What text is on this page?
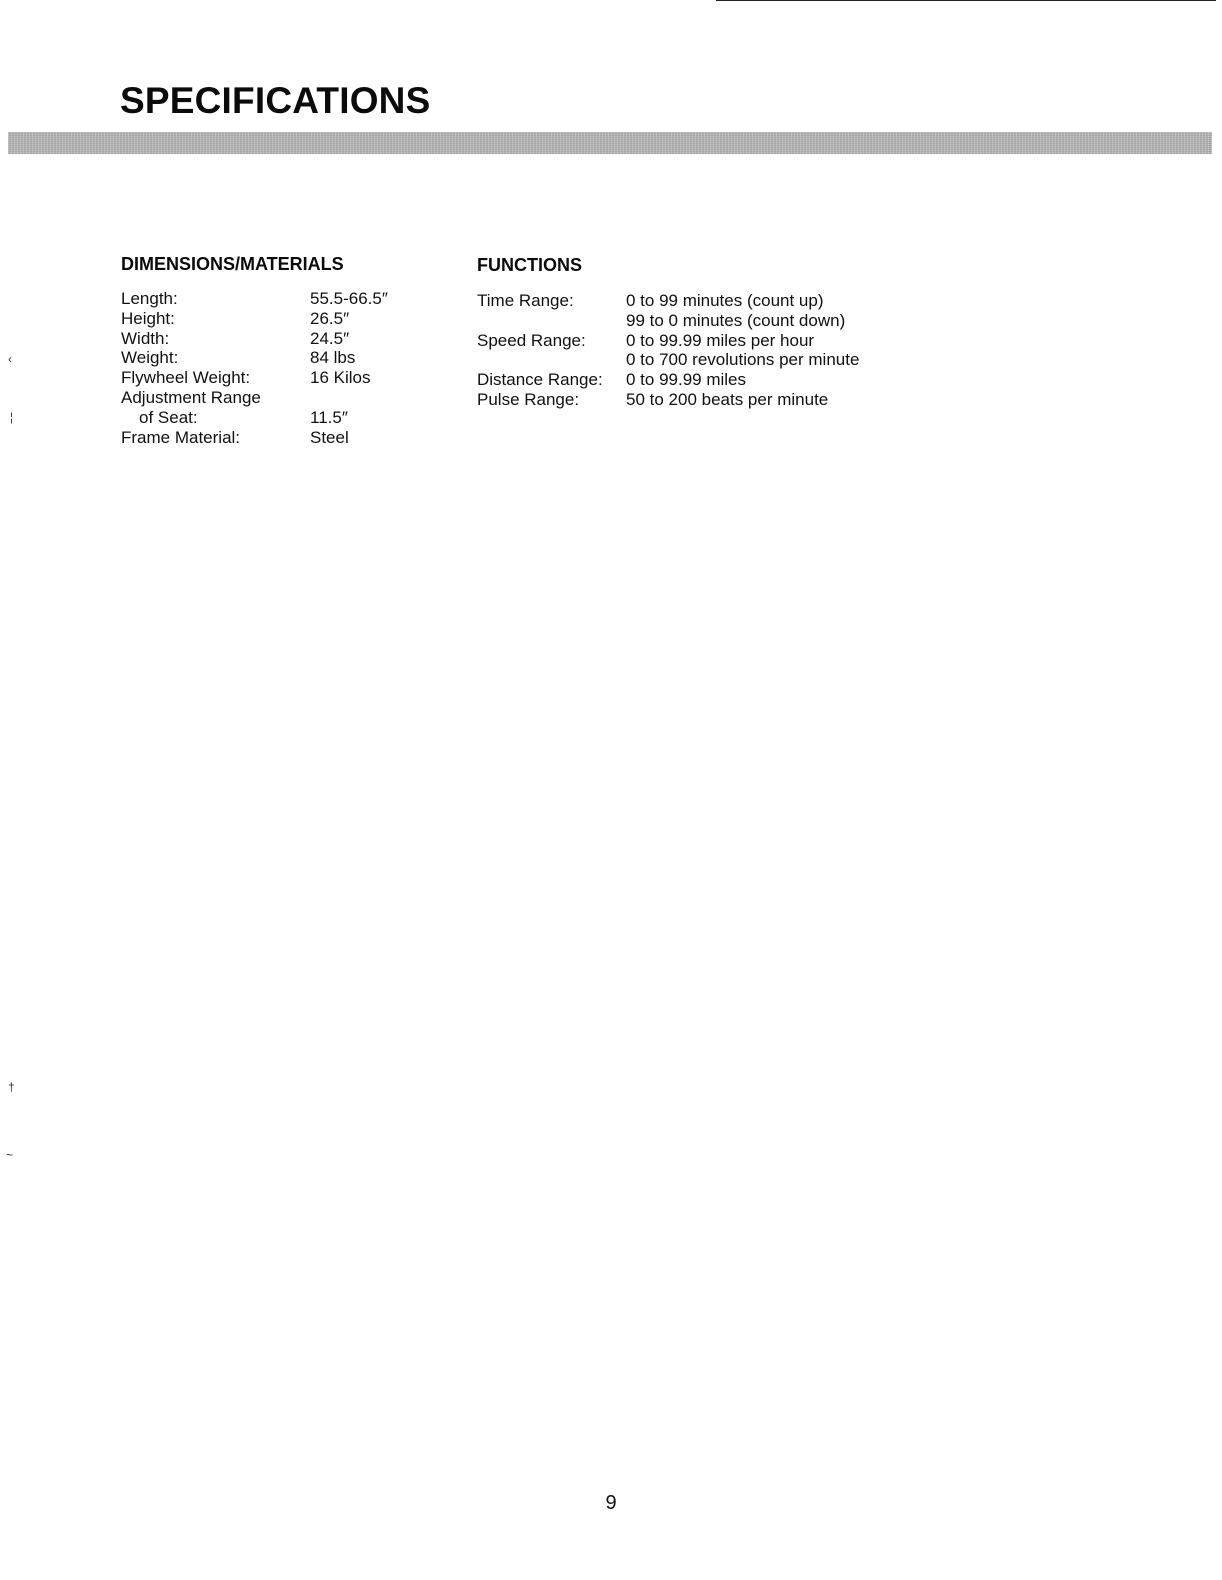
SPECIFICATIONS
DIMENSIONS/MATERIALS
Length:
Height:
Width:
Weight:
Flywheel Weight:
Adjustment Range
of Seat:
Frame Material:
55.5-66.5″
26.5″
24.5″
84 lbs
16 Kilos
11.5″
Steel
FUNCTIONS
Time Range:
Speed Range:
Distance Range:
Pulse Range:
0 to 99 minutes (count up)
99 to 0 minutes (count down)
0 to 99.99 miles per hour
0 to 700 revolutions per minute
0 to 99.99 miles
50 to 200 beats per minute
‹
¦
†
~
9
